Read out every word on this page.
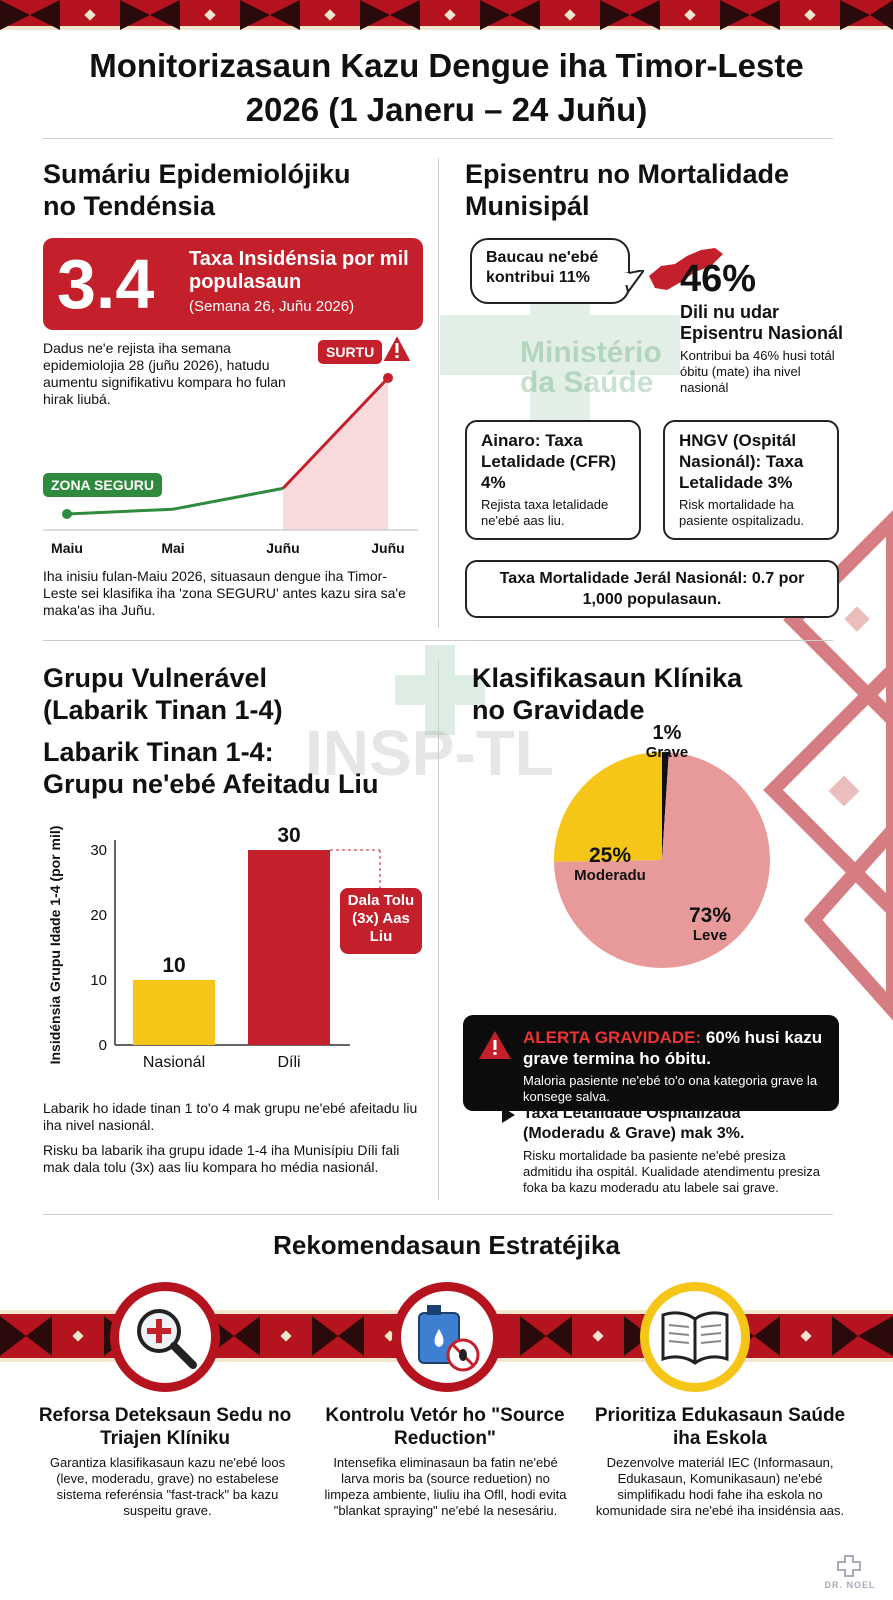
Ministério
da Saúde
INSP-TL
Monitorizasaun Kazu Dengue iha Timor-Leste
2026 (1 Janeru – 24 Juñu)
Sumáriu Epidemiolójiku
no Tendénsia
3.4 Taxa Insidénsia por mil populasaun
(Semana 26, Juñu 2026)
Dadus ne'e rejista iha semana epidemiolojia 28 (juñu 2026), hatudu aumentu signifikativu kompara ho fulan hirak liubá.
SURTU
ZONA SEGURU
Maiu	Mai	Juñu	Juñu
Iha inisiu fulan-Maiu 2026, situasaun dengue iha Timor-Leste sei klasifika iha 'zona SEGURU' antes kazu sira sa'e maka'as iha Juñu.
Episentru no Mortalidade
Munisipál
Baucau ne'ebé kontribui 11%	46%
Dili nu udar Episentru Nasionál
Kontribui ba 46% husi totál óbitu (mate) iha nivel nasionál
Ainaro: Taxa Letalidade (CFR) 4%
Rejista taxa letalidade ne'ebé aas liu.
HNGV (Ospitál Nasionál): Taxa Letalidade 3%
Risk mortalidade ha pasiente ospitalizadu.
Taxa Mortalidade Jerál Nasionál: 0.7 por 1,000 populasaun.
Grupu Vulnerável
(Labarik Tinan 1-4)
Labarik Tinan 1-4:
Grupu ne'ebé Afeitadu Liu
Insidénsia Grupu Idade 1-4 (por mil) 0
10
20
30
10
30
Nasionál	Díli
Dala Tolu (3x) Aas Liu
Labarik ho idade tinan 1 to'o 4 mak grupu ne'ebé afeitadu liu iha nivel nasionál.
Risku ba labarik iha grupu idade 1-4 iha Munisípiu Díli fali mak dala tolu (3x) aas liu kompara ho média nasionál.
Klasifikasaun Klínika
no Gravidade
73%
Leve
25%
Moderadu
1%
Grave
ALERTA GRAVIDADE: 60% husi kazu grave termina ho óbitu.
Maloria pasiente ne'ebé to'o ona kategoria grave la konsege salva.
Taxa Letalidade Ospitalizada (Moderadu & Grave) mak 3%.
Risku mortalidade ba pasiente ne'ebé presiza admitidu iha ospitál. Kualidade atendimentu presiza foka ba kazu moderadu atu labele sai grave.
Rekomendasaun Estratéjika
Reforsa Deteksaun Sedu no Triajen Klíniku
Garantiza klasifikasaun kazu ne'ebé loos (leve, moderadu, grave) no estabelese sistema referénsia "fast-track" ba kazu suspeitu grave.
Kontrolu Vetór ho "Source Reduction"
Intensefika eliminasaun ba fatin ne'ebé larva moris ba (source reduetion) no limpeza ambiente, liuliu iha Ofll, hodi evita "blankat spraying" ne'ebé la nesesáriu.
Prioritiza Edukasaun Saúde iha Eskola
Dezenvolve materiál IEC (Informasaun, Edukasaun, Komunikasaun) ne'ebé simplifikadu hodi fahe iha eskola no komunidade sira ne'ebé iha insidénsia aas.
DR. NOEL
